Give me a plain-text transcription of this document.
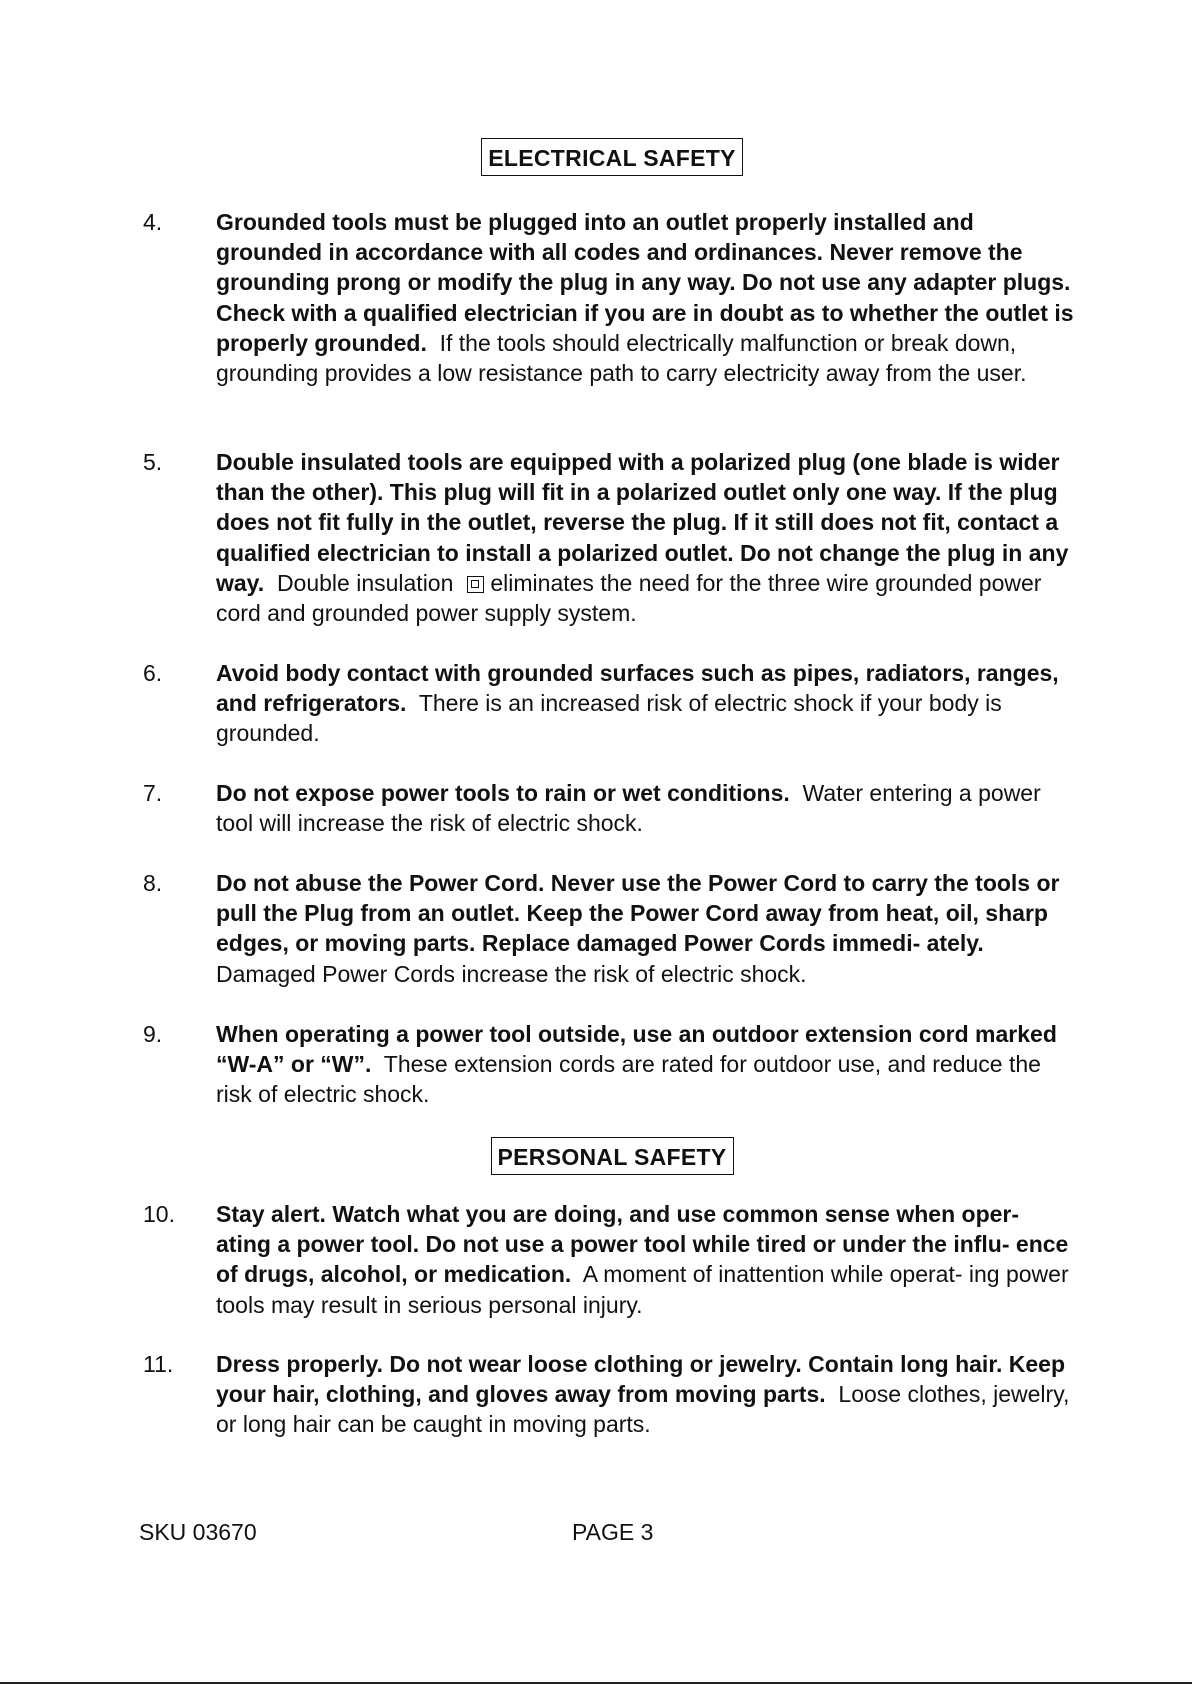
ELECTRICAL SAFETY
4. Grounded tools must be plugged into an outlet properly installed and grounded in accordance with all codes and ordinances. Never remove the grounding prong or modify the plug in any way. Do not use any adapter plugs. Check with a qualified electrician if you are in doubt as to whether the outlet is properly grounded. If the tools should electrically malfunction or break down, grounding provides a low resistance path to carry electricity away from the user.
5. Double insulated tools are equipped with a polarized plug (one blade is wider than the other). This plug will fit in a polarized outlet only one way. If the plug does not fit fully in the outlet, reverse the plug. If it still does not fit, contact a qualified electrician to install a polarized outlet. Do not change the plug in any way. Double insulation eliminates the need for the three wire grounded power cord and grounded power supply system.
6. Avoid body contact with grounded surfaces such as pipes, radiators, ranges, and refrigerators. There is an increased risk of electric shock if your body is grounded.
7. Do not expose power tools to rain or wet conditions. Water entering a power tool will increase the risk of electric shock.
8. Do not abuse the Power Cord. Never use the Power Cord to carry the tools or pull the Plug from an outlet. Keep the Power Cord away from heat, oil, sharp edges, or moving parts. Replace damaged Power Cords immedi- ately.  Damaged Power Cords increase the risk of electric shock.
9. When operating a power tool outside, use an outdoor extension cord marked “W-A” or “W”. These extension cords are rated for outdoor use, and reduce the risk of electric shock.
PERSONAL SAFETY
10. Stay alert. Watch what you are doing, and use common sense when oper- ating a power tool. Do not use a power tool while tired or under the influ- ence of drugs, alcohol, or medication. A moment of inattention while operat- ing power tools may result in serious personal injury.
11. Dress properly. Do not wear loose clothing or jewelry. Contain long hair. Keep your hair, clothing, and gloves away from moving parts. Loose clothes, jewelry, or long hair can be caught in moving parts.
SKU 03670	PAGE 3
